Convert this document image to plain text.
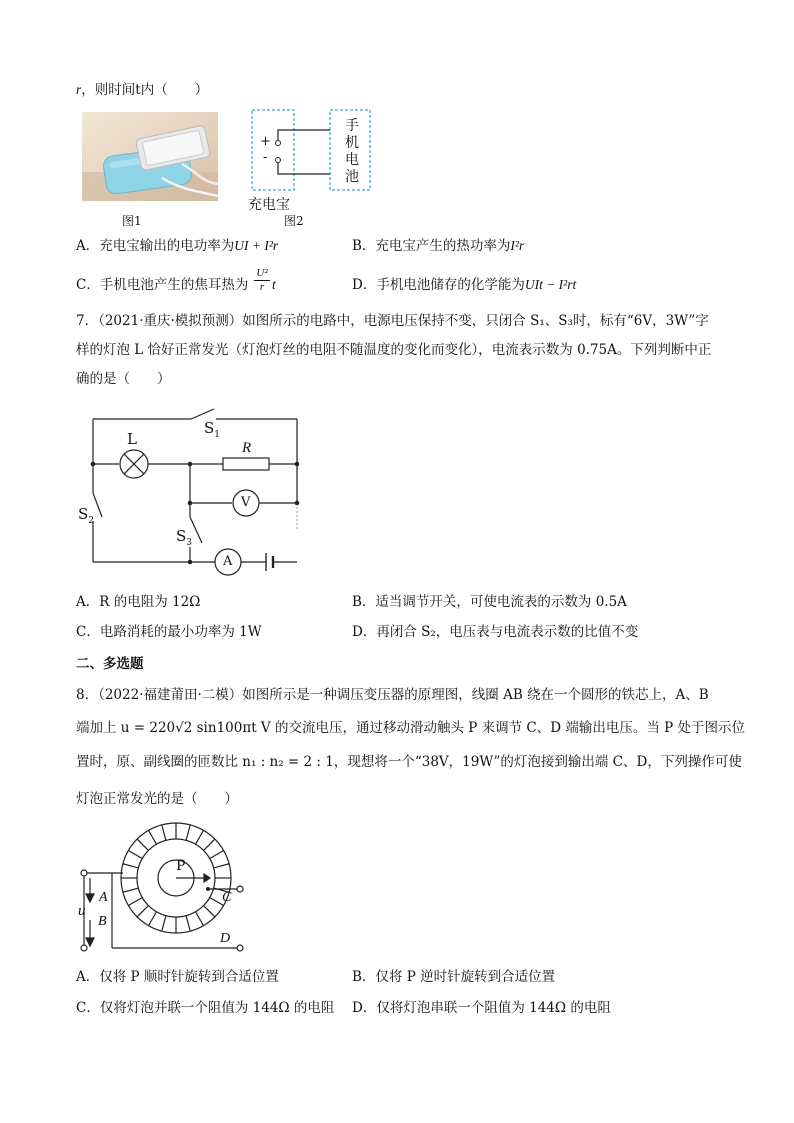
r，则时间t内（　　）
图1
+
-
手
机
电
池
充电宝
图2
A．充电宝输出的电功率为UI + I²r	B．充电宝产生的热功率为I²r
C．手机电池产生的焦耳热为 $\frac{\text{U²}}{r}$ t	D．手机电池储存的化学能为UIt − I²rt
7．（2021·重庆·模拟预测）如图所示的电路中，电源电压保持不变，只闭合 S₁、S₃时，标有“6V，3W”字
样的灯泡 L 恰好正常发光（灯泡灯丝的电阻不随温度的变化而变化），电流表示数为 0.75A。下列判断中正
确的是（　　）
$S_1$
L	R
V
$S_2$
$S_3$
A
A．R 的电阻为 12Ω	B．适当调节开关，可使电流表的示数为 0.5A
C．电路消耗的最小功率为 1W	D．再闭合 S₂，电压表与电流表示数的比值不变
二、多选题
8．（2022·福建莆田·二模）如图所示是一种调压变压器的原理图，线圈 AB 绕在一个圆形的铁芯上，A、B
端加上 u = 220√2 sin100πt V 的交流电压，通过移动滑动触头 P 来调节 C、D 端输出电压。当 P 处于图示位
置时，原、副线圈的匝数比 n₁ : n₂ = 2 : 1，现想将一个“38V，19W”的灯泡接到输出端 C、D，下列操作可使
灯泡正常发光的是（　　）
P
u
A
B
C
D
A．仅将 P 顺时针旋转到合适位置	B．仅将 P 逆时针旋转到合适位置
C．仅将灯泡并联一个阻值为 144Ω 的电阻 D．仅将灯泡串联一个阻值为 144Ω 的电阻
